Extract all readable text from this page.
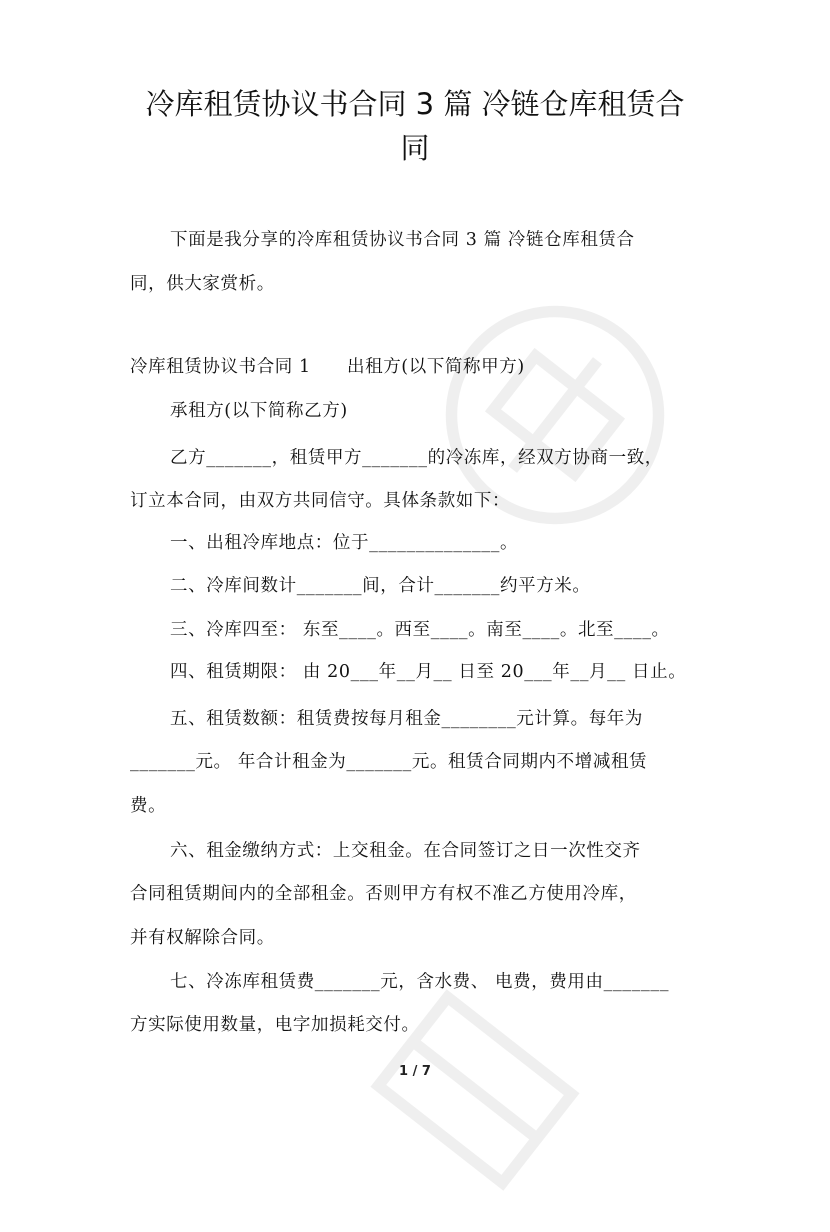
冷库租赁协议书合同 3 篇 冷链仓库租赁合
同
下面是我分享的冷库租赁协议书合同 3 篇 冷链仓库租赁合
同，供大家赏析。
冷库租赁协议书合同 1　　出租方(以下简称甲方)
承租方(以下简称乙方)
乙方_______，租赁甲方_______的冷冻库，经双方协商一致，
订立本合同，由双方共同信守。具体条款如下：
一、出租冷库地点：位于______________。
二、冷库间数计_______间，合计_______约平方米。
三、冷库四至： 东至____。西至____。南至____。北至____。
四、租赁期限： 由 20___年__月__ 日至 20___年__月__ 日止。
五、租赁数额：租赁费按每月租金________元计算。每年为
_______元。 年合计租金为_______元。租赁合同期内不增减租赁
费。
六、租金缴纳方式：上交租金。在合同签订之日一次性交齐
合同租赁期间内的全部租金。否则甲方有权不准乙方使用冷库，
并有权解除合同。
七、冷冻库租赁费_______元，含水费、 电费，费用由_______
方实际使用数量，电字加损耗交付。
1 / 7
